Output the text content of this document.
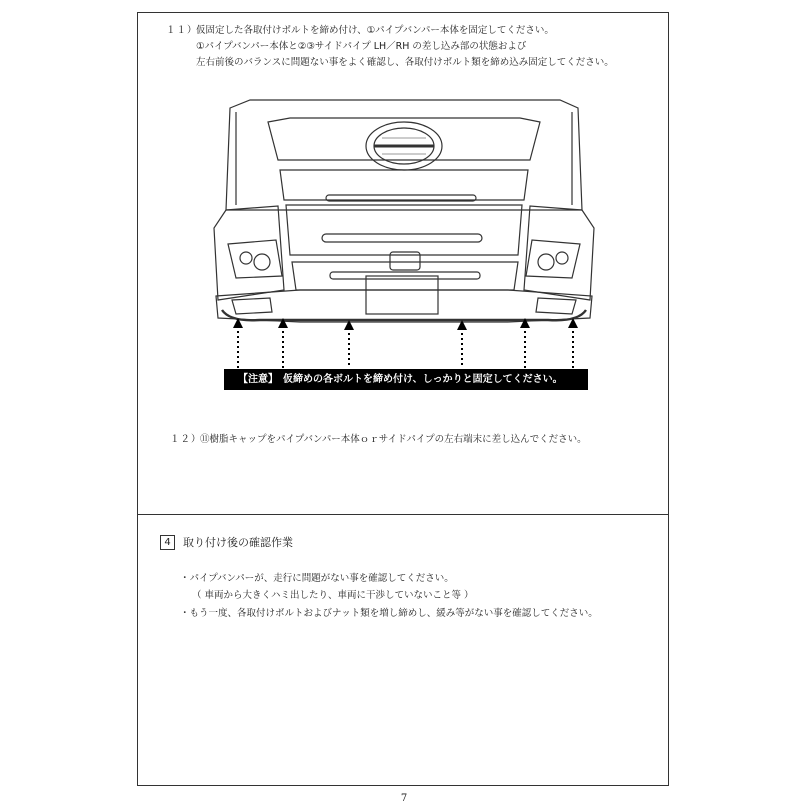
１１）
仮固定した各取付けボルトを締め付け、①パイプバンパー本体を固定してください。
①パイプバンパー本体と②③サイドパイプ LH／RH の差し込み部の状態および
左右前後のバランスに問題ない事をよく確認し、各取付けボルト類を締め込み固定してください。
【注意】　仮締めの各ボルトを締め付け、しっかりと固定してください。
１２）
⑪樹脂キャップをパイプバンパー本体ｏｒサイドパイプの左右端末に差し込んでください。
4	取り付け後の確認作業
・パイプバンパーが、走行に問題がない事を確認してください。
（ 車両から大きくハミ出したり、車両に干渉していないこと等 ）
・もう一度、各取付けボルトおよびナット類を増し締めし、緩み等がない事を確認してください。
7
